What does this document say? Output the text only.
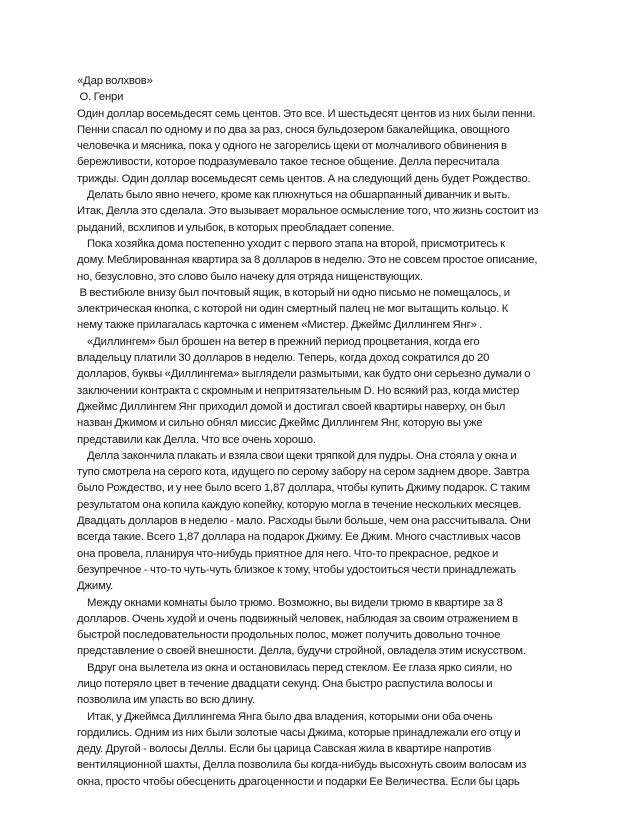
«Дар волхвов»
О. Генри
Один доллар восемьдесят семь центов. Это все. И шестьдесят центов из них были пенни.
Пенни спасал по одному и по два за раз, снося бульдозером бакалейщика, овощного
человечка и мясника, пока у одного не загорелись щеки от молчаливого обвинения в
бережливости, которое подразумевало такое тесное общение. Делла пересчитала
трижды. Один доллар восемьдесят семь центов. А на следующий день будет Рождество.
Делать было явно нечего, кроме как плюхнуться на обшарпанный диванчик и выть.
Итак, Делла это сделала. Это вызывает моральное осмысление того, что жизнь состоит из
рыданий, всхлипов и улыбок, в которых преобладает сопение.
Пока хозяйка дома постепенно уходит с первого этапа на второй, присмотритесь к
дому. Меблированная квартира за 8 долларов в неделю. Это не совсем простое описание,
но, безусловно, это слово было начеку для отряда нищенствующих.
В вестибюле внизу был почтовый ящик, в который ни одно письмо не помещалось, и
электрическая кнопка, с которой ни один смертный палец не мог вытащить кольцо. К
нему также прилагалась карточка с именем «Мистер. Джеймс Диллингем Янг» .
«Диллингем» был брошен на ветер в прежний период процветания, когда его
владельцу платили 30 долларов в неделю. Теперь, когда доход сократился до 20
долларов, буквы «Диллингема» выглядели размытыми, как будто они серьезно думали о
заключении контракта с скромным и непритязательным D. Но всякий раз, когда мистер
Джеймс Диллингем Янг приходил домой и достигал своей квартиры наверху, он был
назван Джимом и сильно обнял миссис Джеймс Диллингем Янг, которую вы уже
представили как Делла. Что все очень хорошо.
Делла закончила плакать и взяла свои щеки тряпкой для пудры. Она стояла у окна и
тупо смотрела на серого кота, идущего по серому забору на сером заднем дворе. Завтра
было Рождество, и у нее было всего 1,87 доллара, чтобы купить Джиму подарок. С таким
результатом она копила каждую копейку, которую могла в течение нескольких месяцев.
Двадцать долларов в неделю - мало. Расходы были больше, чем она рассчитывала. Они
всегда такие. Всего 1,87 доллара на подарок Джиму. Ее Джим. Много счастливых часов
она провела, планируя что-нибудь приятное для него. Что-то прекрасное, редкое и
безупречное - что-то чуть-чуть близкое к тому, чтобы удостоиться чести принадлежать
Джиму.
Между окнами комнаты было трюмо. Возможно, вы видели трюмо в квартире за 8
долларов. Очень худой и очень подвижный человек, наблюдая за своим отражением в
быстрой последовательности продольных полос, может получить довольно точное
представление о своей внешности. Делла, будучи стройной, овладела этим искусством.
Вдруг она вылетела из окна и остановилась перед стеклом. Ее глаза ярко сияли, но
лицо потеряло цвет в течение двадцати секунд. Она быстро распустила волосы и
позволила им упасть во всю длину.
Итак, у Джеймса Диллингема Янга было два владения, которыми они оба очень
гордились. Одним из них были золотые часы Джима, которые принадлежали его отцу и
деду. Другой - волосы Деллы. Если бы царица Савская жила в квартире напротив
вентиляционной шахты, Делла позволила бы когда-нибудь высохнуть своим волосам из
окна, просто чтобы обесценить драгоценности и подарки Ее Величества. Если бы царь
